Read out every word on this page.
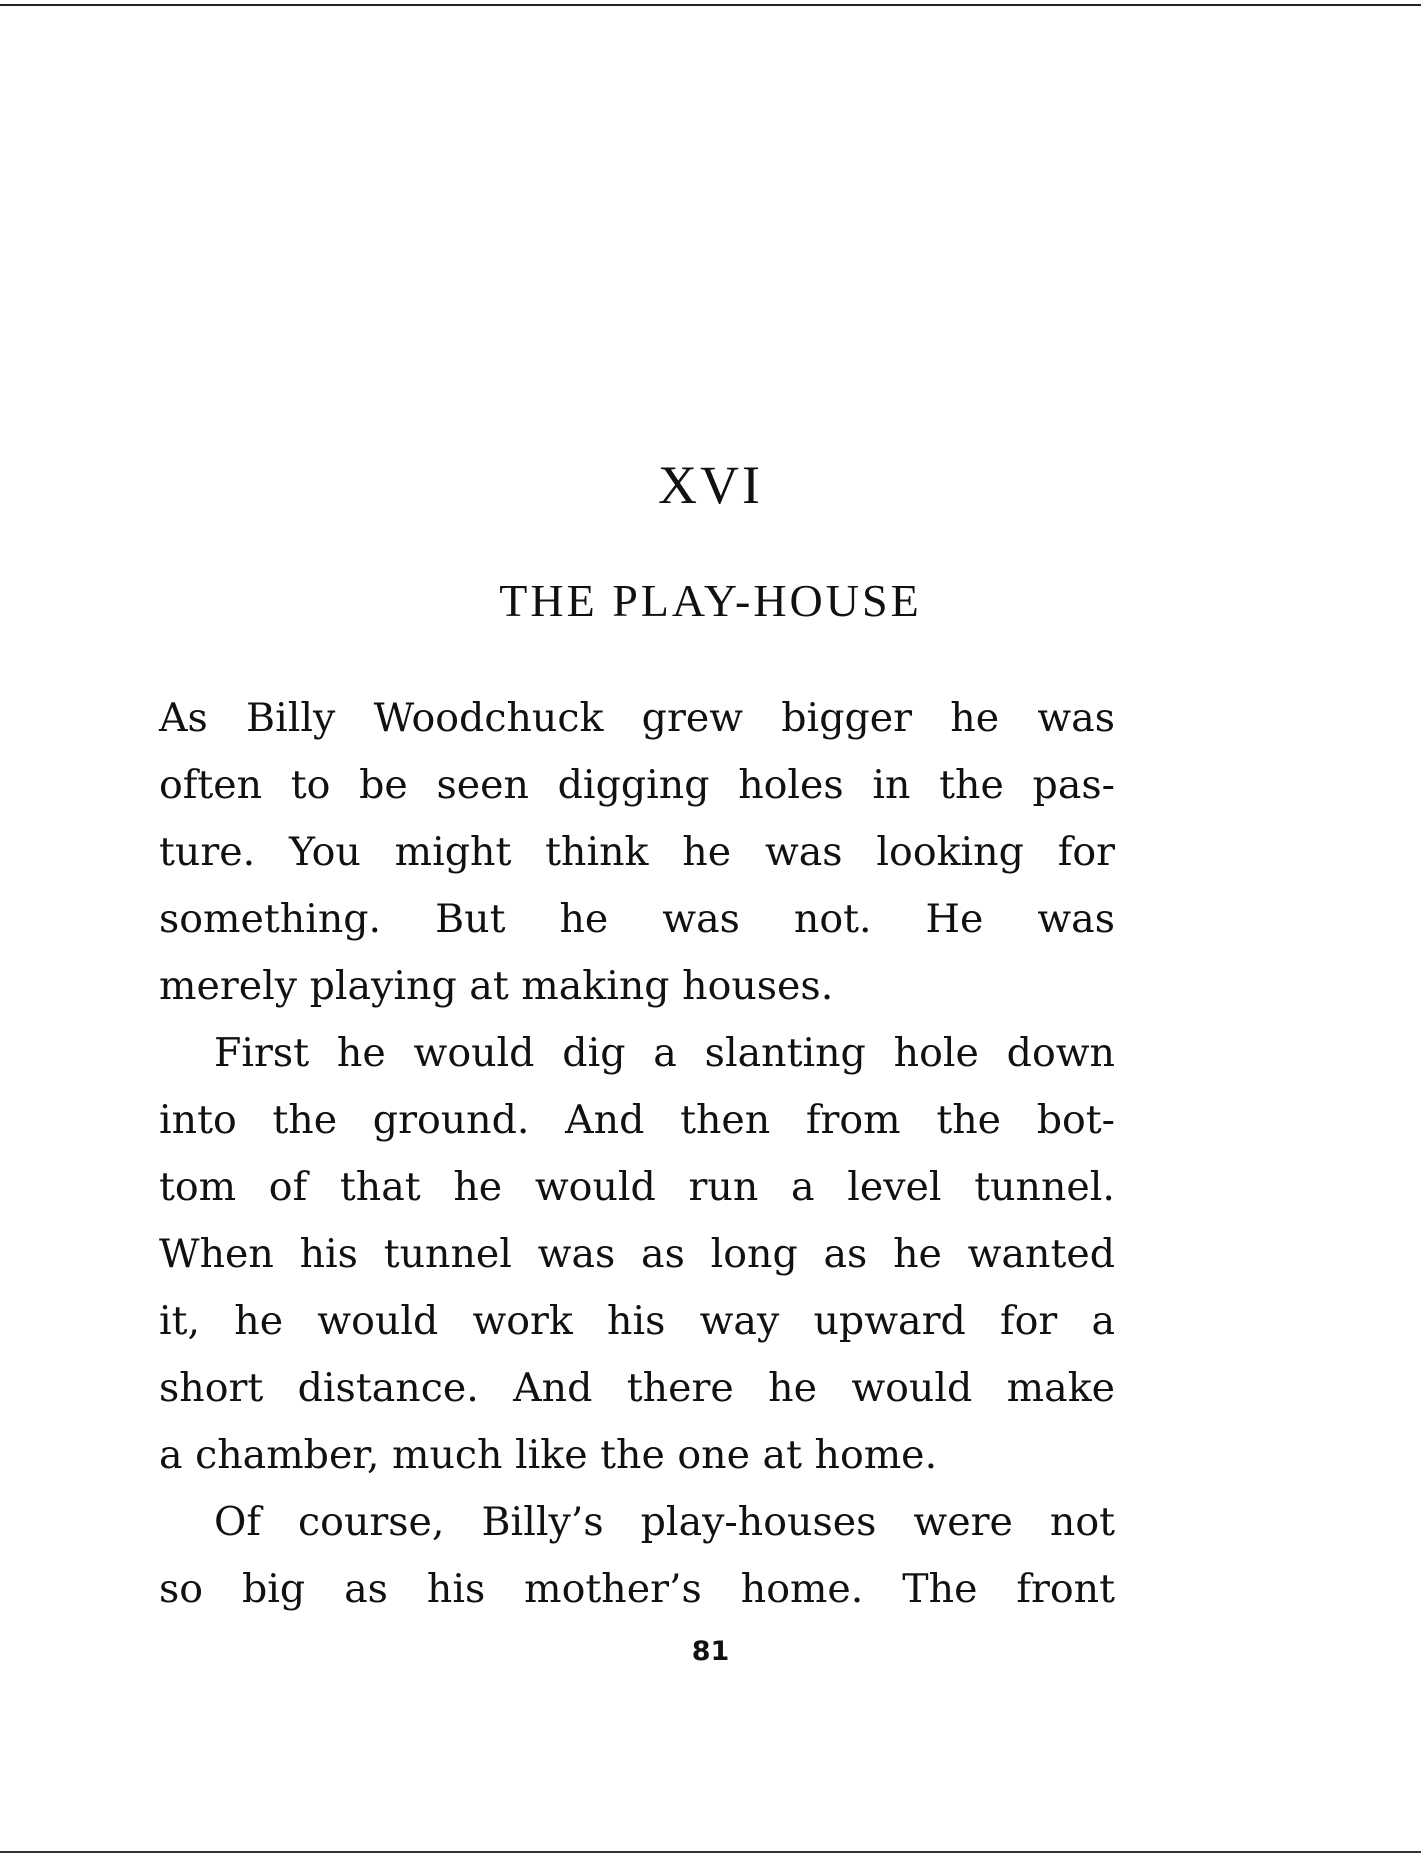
XVI
THE PLAY-HOUSE
As Billy Woodchuck grew bigger he was
often to be seen digging holes in the pas-
ture. You might think he was looking for
something. But he was not. He was
merely playing at making houses.
First he would dig a slanting hole down
into the ground. And then from the bot-
tom of that he would run a level tunnel.
When his tunnel was as long as he wanted
it, he would work his way upward for a
short distance. And there he would make
a chamber, much like the one at home.
Of course, Billy’s play-houses were not
so big as his mother’s home. The front
81
